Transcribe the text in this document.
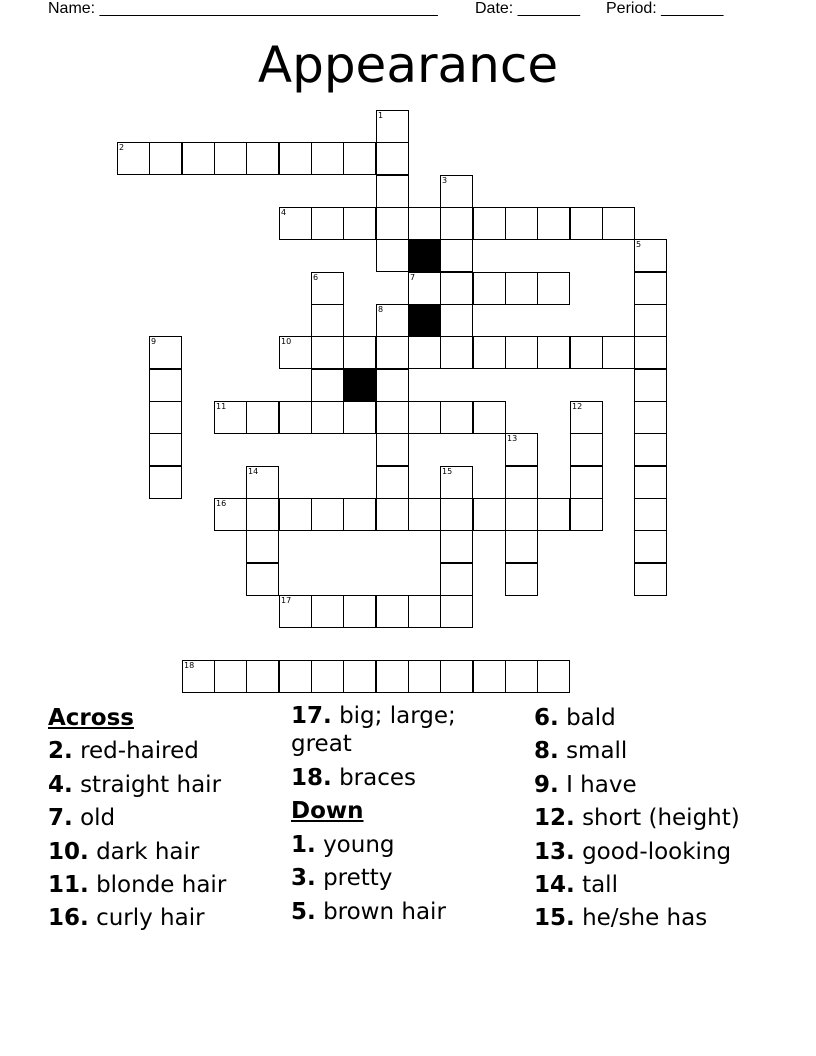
Name: ______________________________________ Date: _______ Period: _______
Appearance
1
2
3
4
5
6	7
8
9	10
11	12
13
14	15
16
17
18
Across
2. red-haired
4. straight hair
7. old
10. dark hair
11. blonde hair
16. curly hair
17. big; large;
great
18. braces
Down
1. young
3. pretty
5. brown hair
6. bald
8. small
9. I have
12. short (height)
13. good-looking
14. tall
15. he/she has
